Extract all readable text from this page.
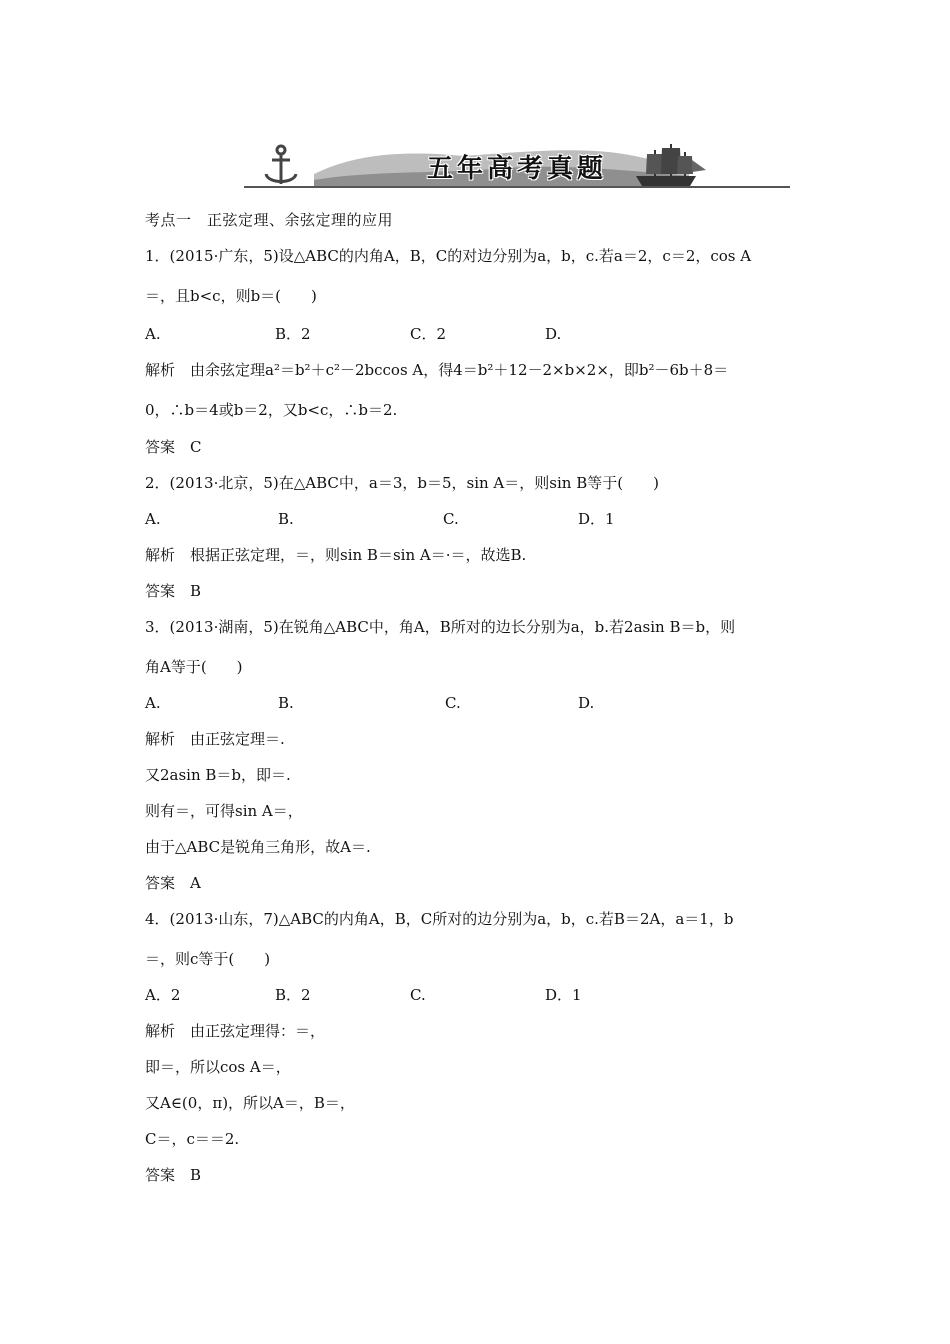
五年高考真题
考点一　正弦定理、余弦定理的应用
1．(2015·广东，5)设△ABC的内角A，B，C的对边分别为a，b，c.若a＝2，c＝2，cos A
＝，且b<c，则b＝(　　)
A.	B．2	C．2	D.
解析　由余弦定理a²＝b²＋c²－2bccos A，得4＝b²＋12－2×b×2×，即b²－6b＋8＝
0，∴b＝4或b＝2，又b<c，∴b＝2.
答案　C
2．(2013·北京，5)在△ABC中，a＝3，b＝5，sin A＝，则sin B等于(　　)
A.	B.	C.	D．1
解析　根据正弦定理，＝，则sin B＝sin A＝·＝，故选B.
答案　B
3．(2013·湖南，5)在锐角△ABC中，角A，B所对的边长分别为a，b.若2asin B＝b，则
角A等于(　　)
A.	B.	C.	D.
解析　由正弦定理＝.
又2asin B＝b，即＝.
则有＝，可得sin A＝，
由于△ABC是锐角三角形，故A＝.
答案　A
4．(2013·山东，7)△ABC的内角A，B，C所对的边分别为a，b，c.若B＝2A，a＝1，b
＝，则c等于(　　)
A．2	B．2	C.	D．1
解析　由正弦定理得：＝，
即＝，所以cos A＝，
又A∈(0，π)，所以A＝，B＝，
C＝，c＝＝2.
答案　B
